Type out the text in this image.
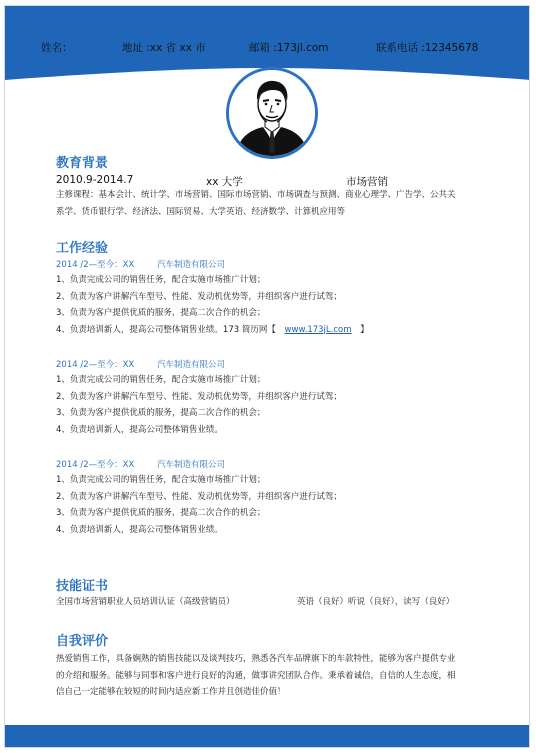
姓名：	地址 :xx 省 xx 市	邮箱 :173jl.com	联系电话 :12345678
教育背景
2010.9-2014.7	xx 大学	市场营销
主修课程：基本会计、统计学、市场营销、国际市场营销、市场调查与预测、商业心理学、广告学、公共关
系学、货币银行学、经济法、国际贸易、大学英语、经济数学、计算机应用等
工作经验
2014 /2—至今：XX	汽车制造有限公司
1、负责完成公司的销售任务，配合实施市场推广计划；
2、负责为客户讲解汽车型号、性能、发动机优势等，并组织客户进行试驾；
3、负责为客户提供优质的服务，提高二次合作的机会；
4、负责培训新人，提高公司整体销售业绩。173 简历网【 www.173jL.com 】
2014 /2—至今：XX	汽车制造有限公司
1、负责完成公司的销售任务，配合实施市场推广计划；
2、负责为客户讲解汽车型号、性能、发动机优势等，并组织客户进行试驾；
3、负责为客户提供优质的服务，提高二次合作的机会；
4、负责培训新人，提高公司整体销售业绩。
2014 /2—至今：XX	汽车制造有限公司
1、负责完成公司的销售任务，配合实施市场推广计划；
2、负责为客户讲解汽车型号、性能、发动机优势等，并组织客户进行试驾；
3、负责为客户提供优质的服务，提高二次合作的机会；
4、负责培训新人，提高公司整体销售业绩。
技能证书
全国市场营销职业人员培训认证（高级营销员）	英语（良好）听说（良好），读写（良好）
自我评价
热爱销售工作，具备娴熟的销售技能以及谈判技巧，熟悉各汽车品牌旗下的车款特性，能够为客户提供专业
的介绍和服务。能够与同事和客户进行良好的沟通，做事讲究团队合作。秉承着诚信，自信的人生态度，相
信自己一定能够在较短的时间内适应新工作并且创造佳价值！
